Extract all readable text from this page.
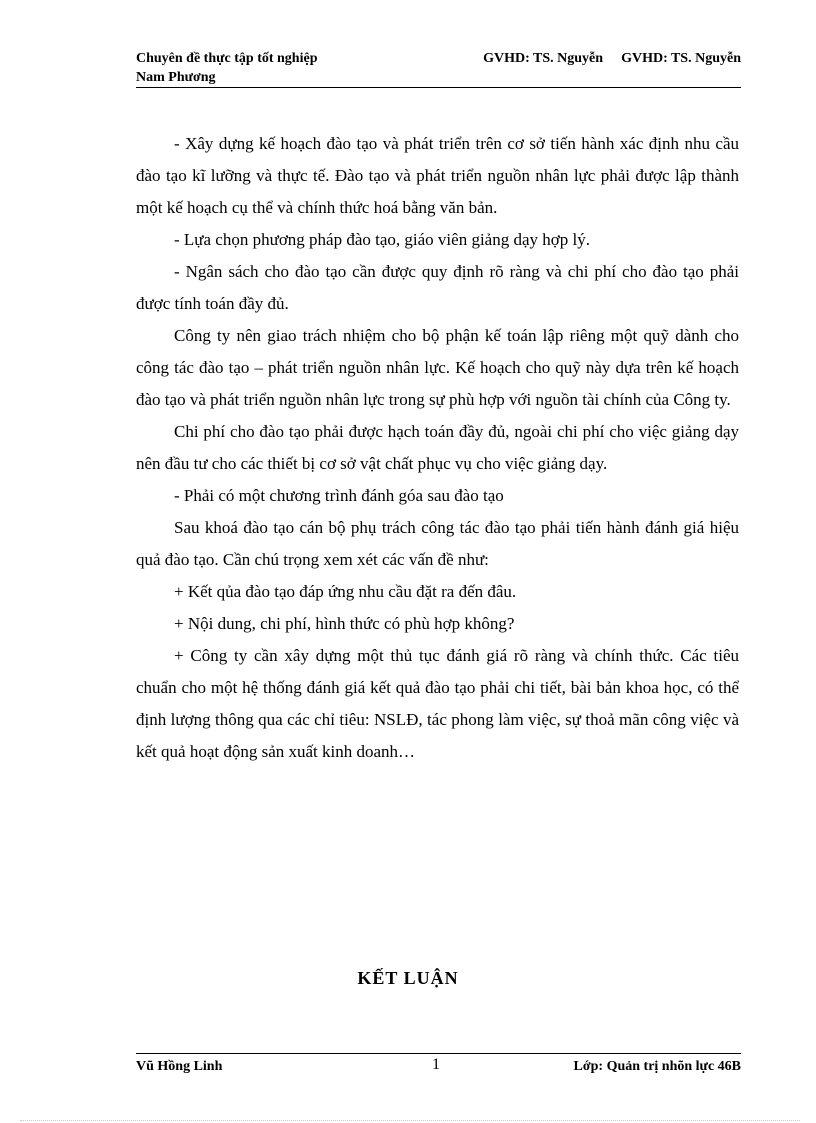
Chuyên đề thực tập tốt nghiệp
Nam Phương
GVHD: TS. Nguyễn GVHD: TS. Nguyễn

- Xây dựng kế hoạch đào tạo và phát triển trên cơ sở tiến hành xác định nhu cầu đào tạo kĩ lưỡng và thực tế. Đào tạo và phát triển nguồn nhân lực phải được lập thành một kế hoạch cụ thể và chính thức hoá bằng văn bản.

- Lựa chọn phương pháp đào tạo, giáo viên giảng dạy hợp lý.

- Ngân sách cho đào tạo cần được quy định rõ ràng và chi phí cho đào tạo phải được tính toán đầy đủ.

Công ty nên giao trách nhiệm cho bộ phận kế toán lập riêng một quỹ dành cho công tác đào tạo – phát triển nguồn nhân lực. Kế hoạch cho quỹ này dựa trên kế hoạch đào tạo và phát triển nguồn nhân lực trong sự phù hợp với nguồn tài chính của Công ty.

Chi phí cho đào tạo phải được hạch toán đầy đủ, ngoài chi phí cho việc giảng dạy nên đầu tư cho các thiết bị cơ sở vật chất phục vụ cho việc giảng dạy.

- Phải có một chương trình đánh góa sau đào tạo

Sau khoá đào tạo cán bộ phụ trách công tác đào tạo phải tiến hành đánh giá hiệu quả đào tạo. Cần chú trọng xem xét các vấn đề như:

+ Kết qủa đào tạo đáp ứng nhu cầu đặt ra đến đâu.

+ Nội dung, chi phí, hình thức có phù hợp không?

+ Công ty cần xây dựng một thủ tục đánh giá rõ ràng và chính thức. Các tiêu chuẩn cho một hệ thống đánh giá kết quả đào tạo phải chi tiết, bài bản khoa học, có thể định lượng thông qua các chỉ tiêu: NSLĐ, tác phong làm việc, sự thoả mãn công việc và kết quả hoạt động sản xuất kinh doanh…

KẾT LUẬN
Vũ Hồng Linh	1	Lớp: Quản trị nhõn lực 46B
